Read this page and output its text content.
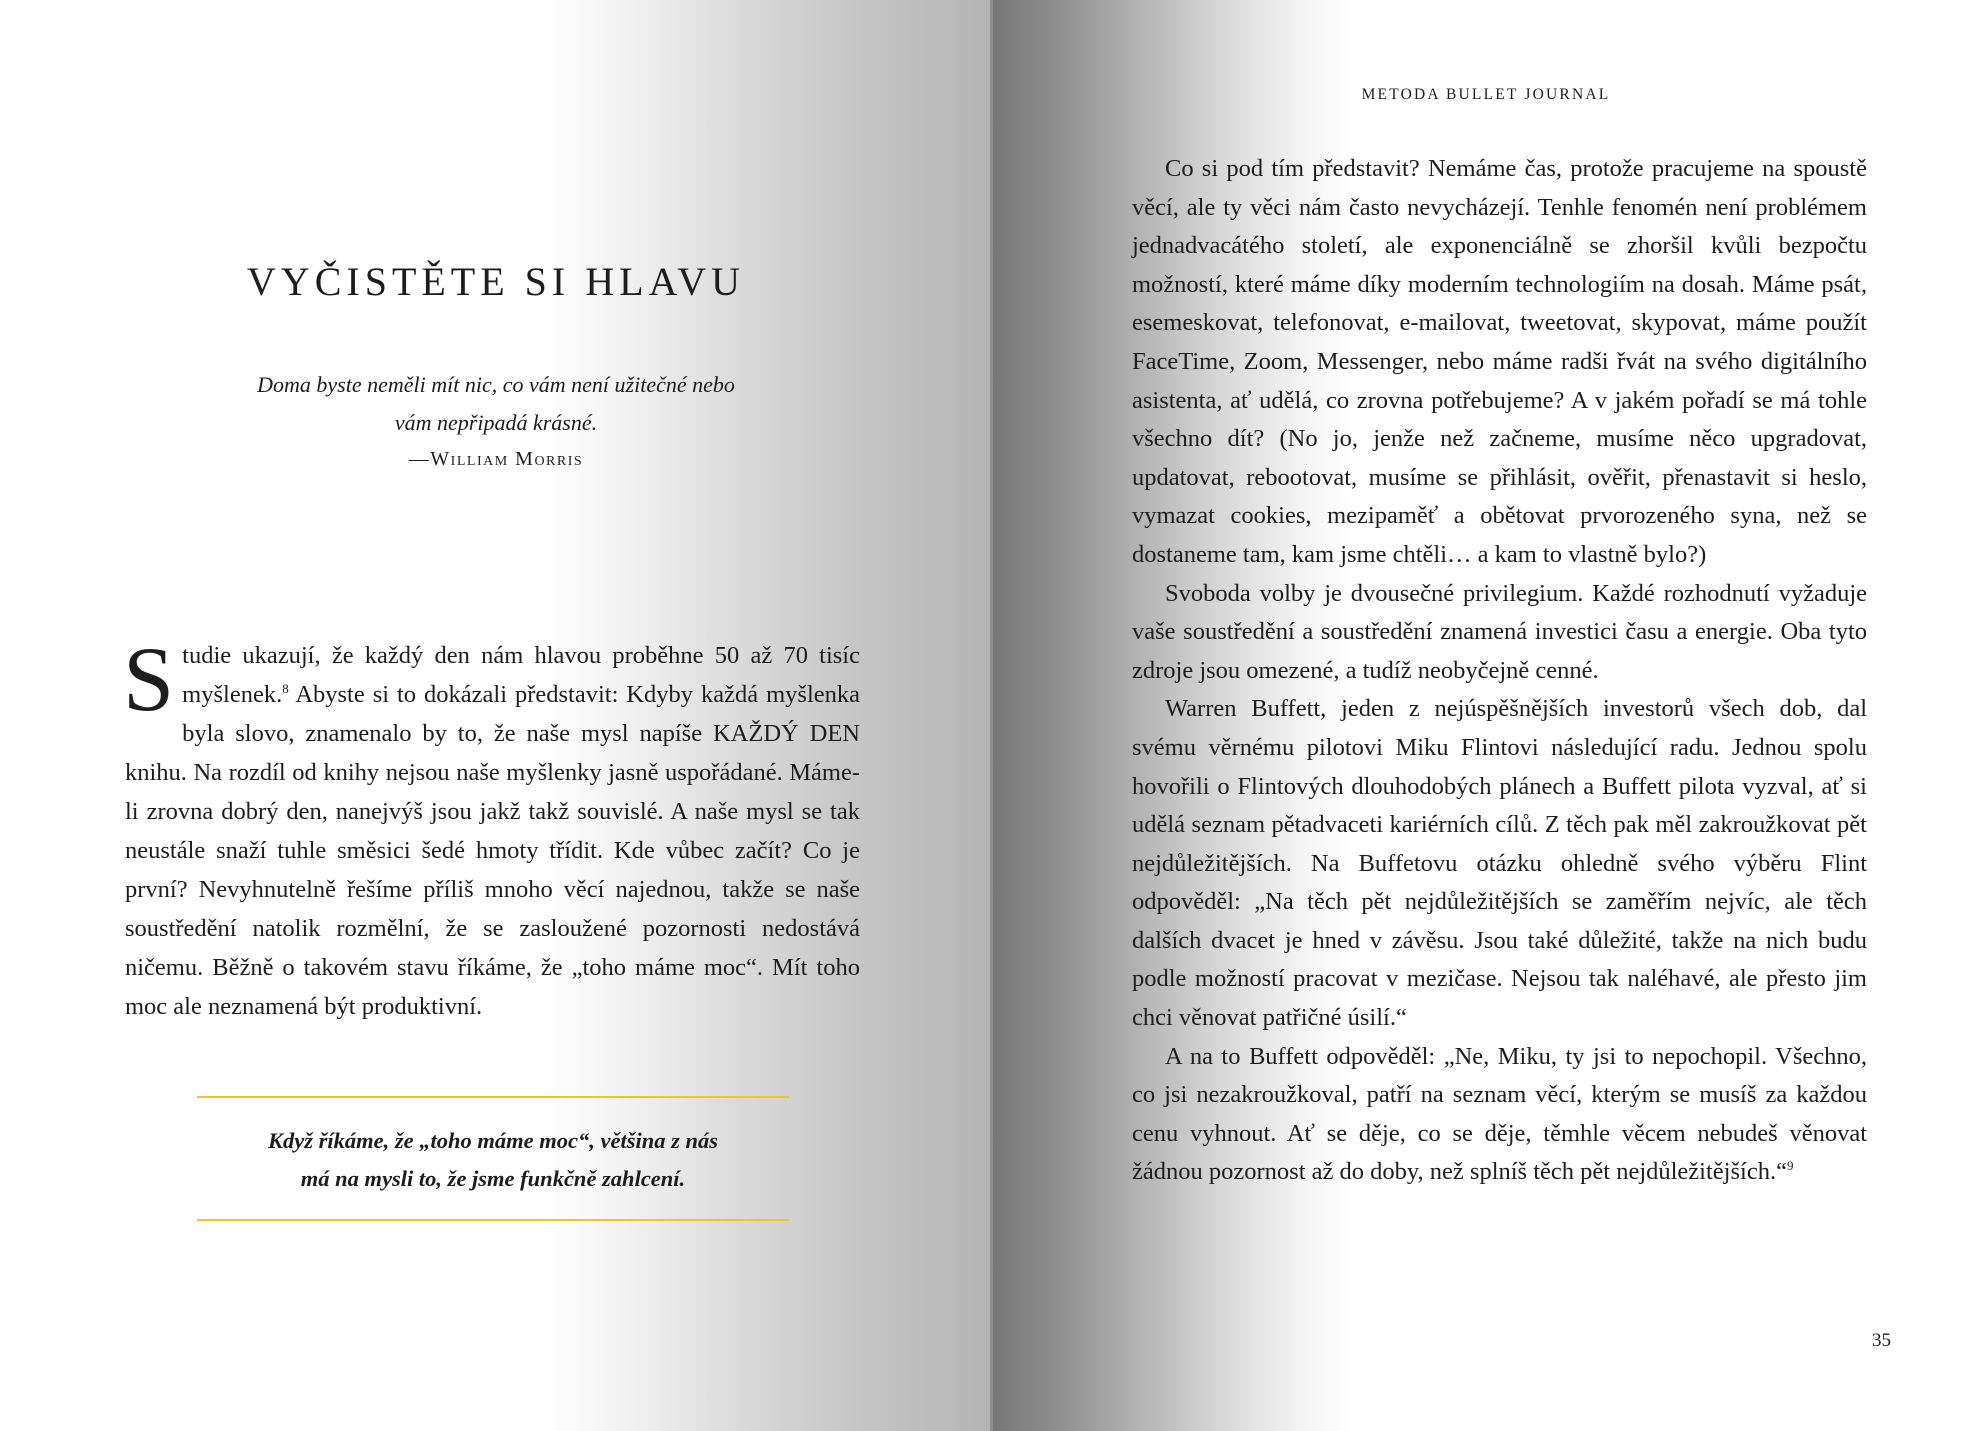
VYČISTĚTE SI HLAVU
Doma byste neměli mít nic, co vám není užitečné nebo
vám nepřipadá krásné.
—William Morris
Studie ukazují, že každý den nám hlavou proběhne 50 až 70 tisíc myšlenek.$^8$ Abyste si to dokázali představit: Kdyby každá myšlenka byla slovo, znamenalo by to, že naše mysl napíše KAŽDÝ DEN knihu. Na rozdíl od knihy nejsou naše myšlenky jasně uspořádané. Máme-li zrovna dobrý den, nanejvýš jsou jakž takž souvislé. A naše mysl se tak neustále snaží tuhle směsici šedé hmoty třídit. Kde vůbec začít? Co je první? Nevyhnutelně řešíme příliš mnoho věcí najednou, takže se naše soustředění natolik rozmělní, že se zasloužené pozornosti nedostává ničemu. Běžně o takovém stavu říkáme, že „toho máme moc“. Mít toho moc ale neznamená být produktivní.
Když říkáme, že „toho máme moc“, většina z nás
má na mysli to, že jsme funkčně zahlcení.
METODA BULLET JOURNAL

Co si pod tím představit? Nemáme čas, protože pracujeme na spoustě věcí, ale ty věci nám často nevycházejí. Tenhle fenomén není problémem jednadvacátého století, ale exponenciálně se zhoršil kvůli bezpočtu možností, které máme díky moderním technologiím na dosah. Máme psát, esemeskovat, telefonovat, e-mailovat, tweetovat, skypovat, máme použít FaceTime, Zoom, Messenger, nebo máme radši řvát na svého digitálního asistenta, ať udělá, co zrovna potřebujeme? A v jakém pořadí se má tohle všechno dít? (No jo, jenže než začneme, musíme něco upgradovat, updatovat, rebootovat, musíme se přihlásit, ověřit, přenastavit si heslo, vymazat cookies, mezipaměť a obětovat prvorozeného syna, než se dostaneme tam, kam jsme chtěli… a kam to vlastně bylo?)

Svoboda volby je dvousečné privilegium. Každé rozhodnutí vyžaduje vaše soustředění a soustředění znamená investici času a energie. Oba tyto zdroje jsou omezené, a tudíž neobyčejně cenné.

Warren Buffett, jeden z nejúspěšnějších investorů všech dob, dal svému věrnému pilotovi Miku Flintovi následující radu. Jednou spolu hovořili o Flintových dlouhodobých plánech a Buffett pilota vyzval, ať si udělá seznam pětadvaceti kariérních cílů. Z těch pak měl zakroužkovat pět nejdůležitějších. Na Buffetovu otázku ohledně svého výběru Flint odpověděl: „Na těch pět nejdůležitějších se zaměřím nejvíc, ale těch dalších dvacet je hned v závěsu. Jsou také důležité, takže na nich budu podle možností pracovat v mezičase. Nejsou tak naléhavé, ale přesto jim chci věnovat patřičné úsilí.“

A na to Buffett odpověděl: „Ne, Miku, ty jsi to nepochopil. Všechno, co jsi nezakroužkoval, patří na seznam věcí, kterým se musíš za každou cenu vyhnout. Ať se děje, co se děje, těmhle věcem nebudeš věnovat žádnou pozornost až do doby, než splníš těch pět nejdůležitějších.“$^9$

35
